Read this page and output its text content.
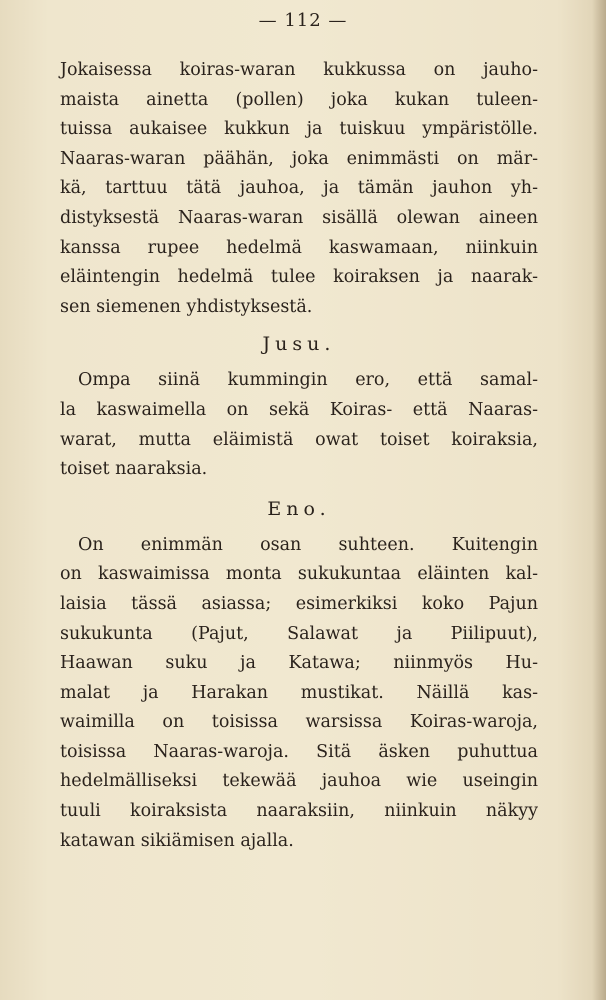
— 112 —
Jokaisessa koiras-waran kukkussa on jauho-
maista ainetta (pollen) joka kukan tuleen-
tuissa aukaisee kukkun ja tuiskuu ympäristölle.
Naaras-waran päähän, joka enimmästi on mär-
kä, tarttuu tätä jauhoa, ja tämän jauhon yh-
distyksestä Naaras-waran sisällä olewan aineen
kanssa rupee hedelmä kaswamaan, niinkuin
eläintengin hedelmä tulee koiraksen ja naarak-
sen siemenen yhdistyksestä.
Jusu.
Ompa siinä kummingin ero, että samal-
la kaswaimella on sekä Koiras- että Naaras-
warat, mutta eläimistä owat toiset koiraksia,
toiset naaraksia.
Eno.
On enimmän osan suhteen. Kuitengin
on kaswaimissa monta sukukuntaa eläinten kal-
laisia tässä asiassa; esimerkiksi koko Pajun
sukukunta (Pajut, Salawat ja Piilipuut),
Haawan suku ja Katawa; niinmyös Hu-
malat ja Harakan mustikat. Näillä kas-
waimilla on toisissa warsissa Koiras-waroja,
toisissa Naaras-waroja. Sitä äsken puhuttua
hedelmälliseksi tekewää jauhoa wie useingin
tuuli koiraksista naaraksiin, niinkuin näkyy
katawan sikiämisen ajalla.
